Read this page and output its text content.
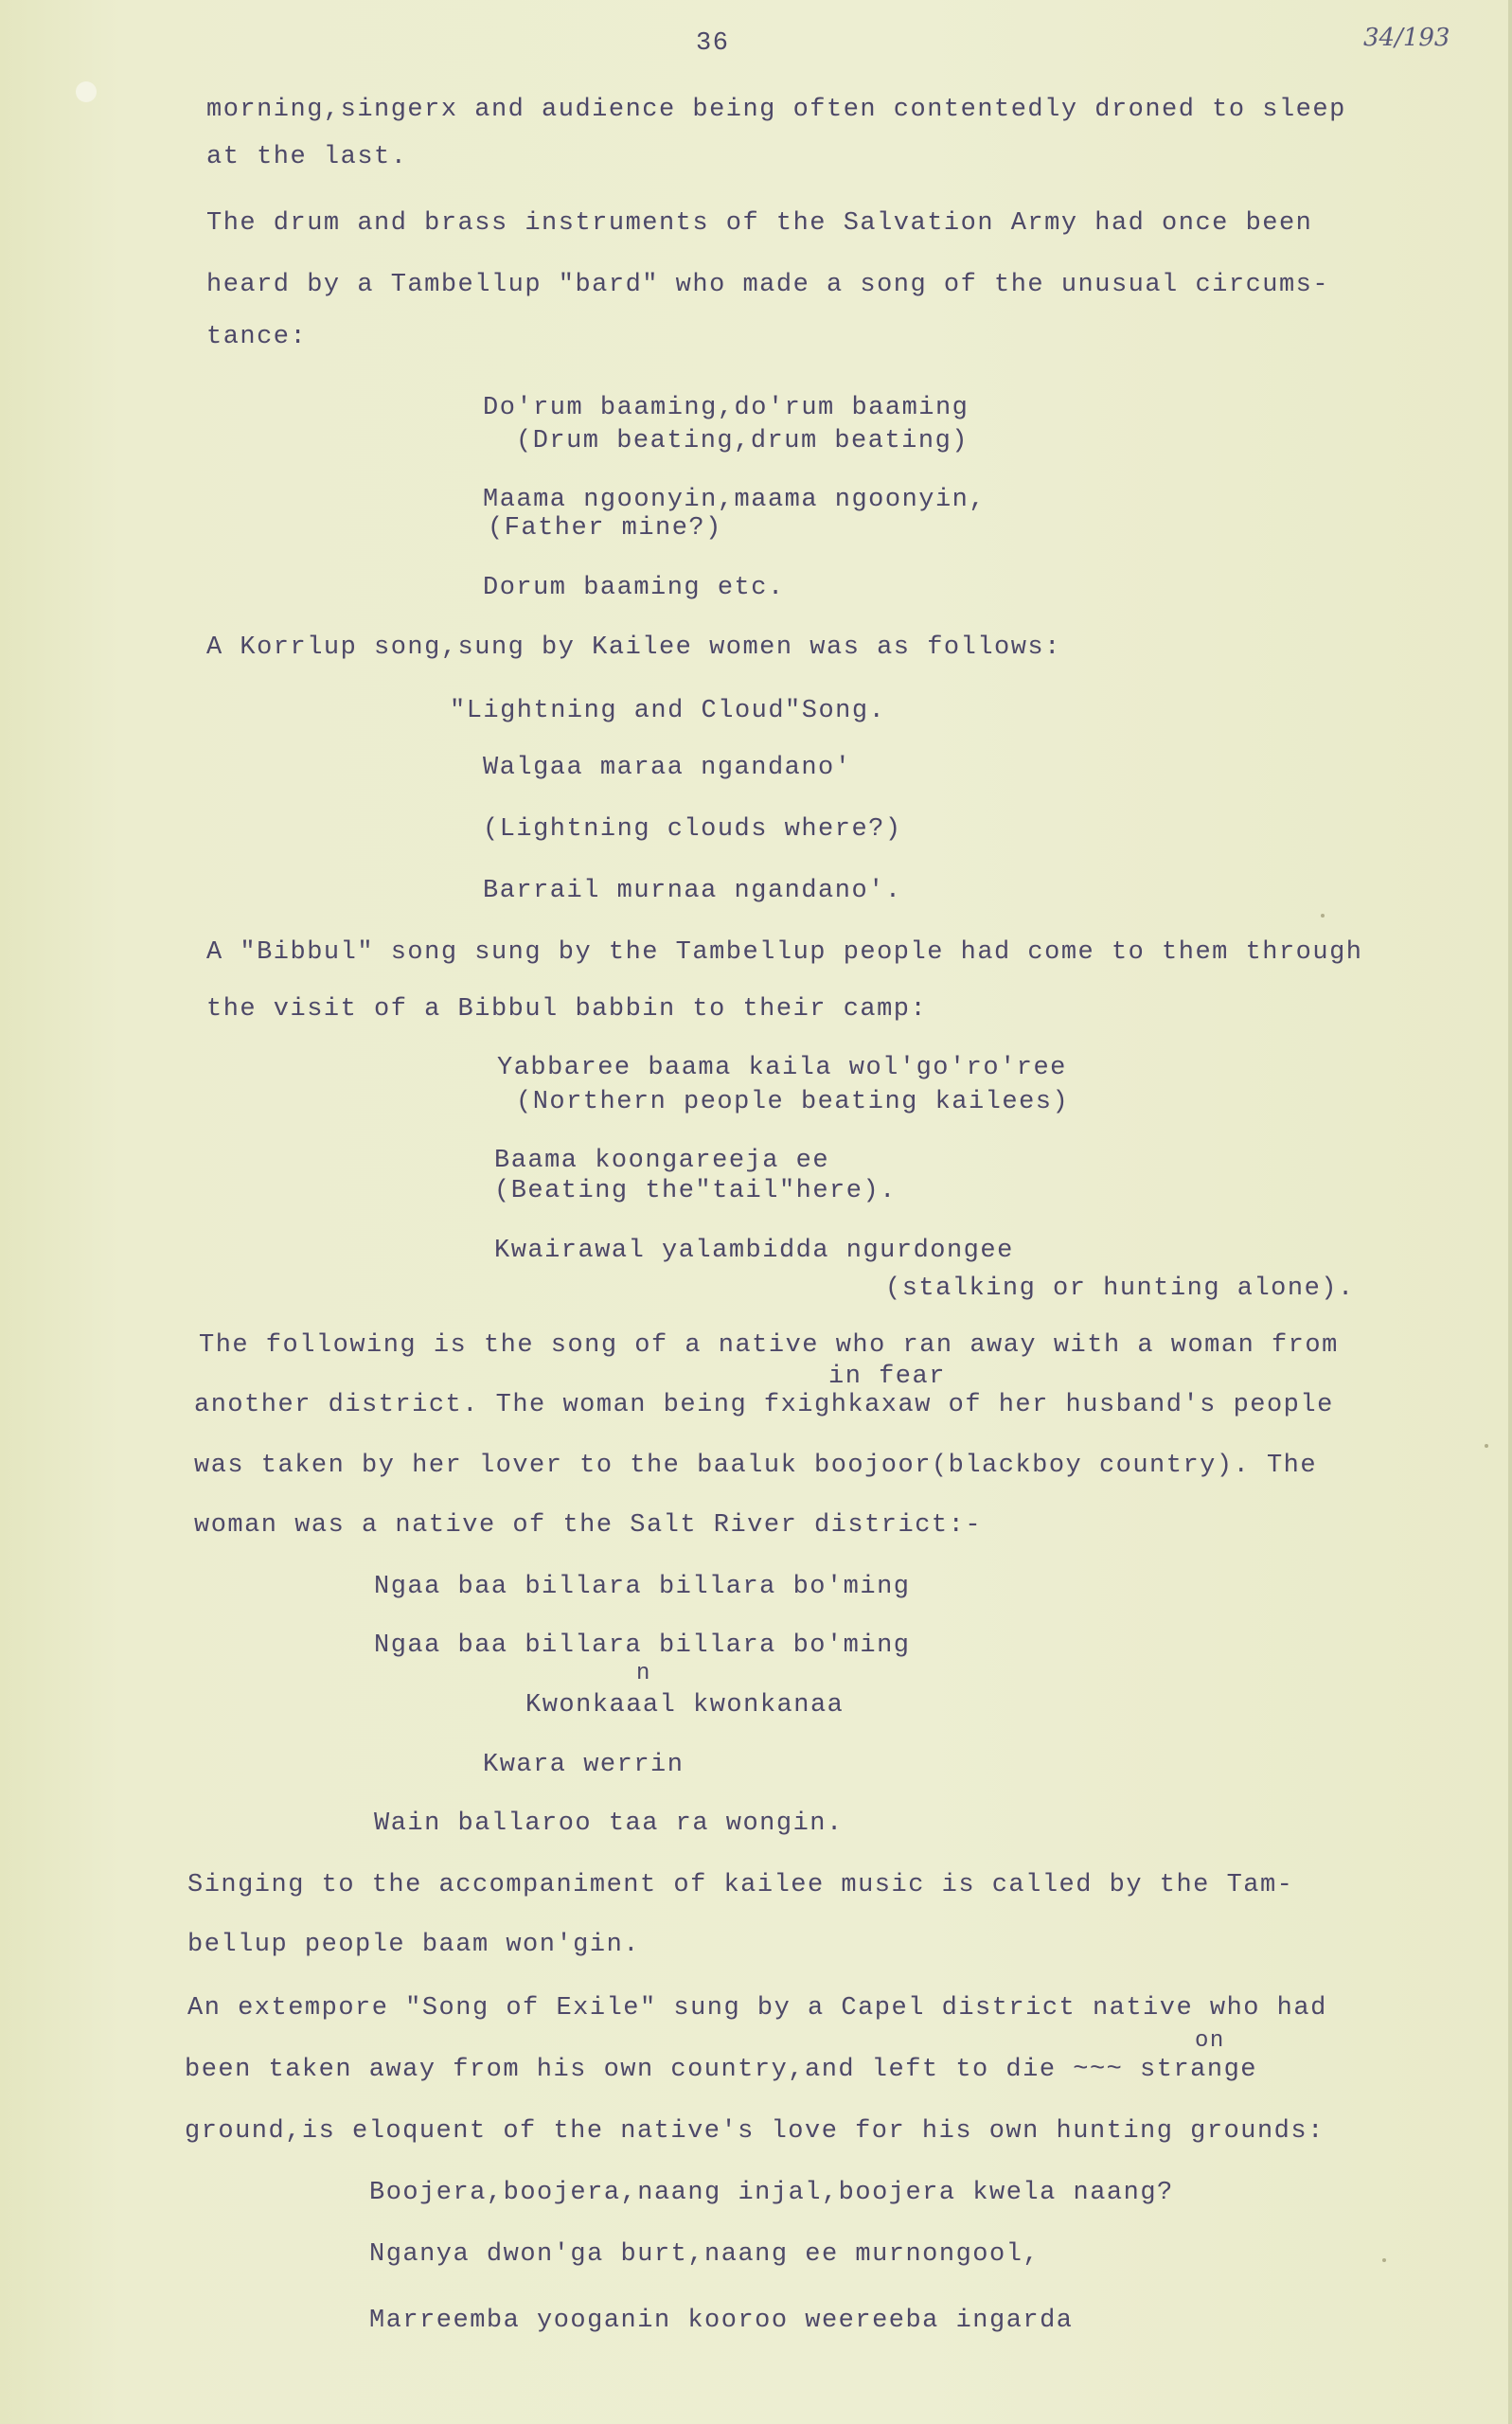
36	34/193
morning,singerx and audience being often contentedly droned to sleep
at the last.
The drum and brass instruments of the Salvation Army had once been
heard by a Tambellup "bard" who made a song of the unusual circums-
tance:
Do'rum baaming,do'rum baaming
(Drum beating,drum beating)
Maama ngoonyin,maama ngoonyin,
(Father mine?)
Dorum baaming etc.
A Korrlup song,sung by Kailee women was as follows:
"Lightning and Cloud"Song.
Walgaa maraa ngandano'
(Lightning clouds where?)
Barrail murnaa ngandano'.
A "Bibbul" song sung by the Tambellup people had come to them through
the visit of a Bibbul babbin to their camp:
Yabbaree baama kaila wol'go'ro'ree
(Northern people beating kailees)
Baama koongareeja ee
(Beating the"tail"here).
Kwairawal yalambidda ngurdongee
(stalking or hunting alone).
The following is the song of a native who ran away with a woman from
in fear
another district. The woman being fxighkaxaw of her husband's people
was taken by her lover to the baaluk boojoor(blackboy country). The
woman was a native of the Salt River district:-
Ngaa baa billara billara bo'ming
Ngaa baa billara billara bo'ming
n
Kwonkaaal kwonkanaa
Kwara werrin
Wain ballaroo taa ra wongin.
Singing to the accompaniment of kailee music is called by the Tam-
bellup people baam won'gin.
An extempore "Song of Exile" sung by a Capel district native who had
been taken away from his own country,and left to die ~~~ strange
on
ground,is eloquent of the native's love for his own hunting grounds:
Boojera,boojera,naang injal,boojera kwela naang?
Nganya dwon'ga burt,naang ee murnongool,
Marreemba yooganin kooroo weereeba ingarda
